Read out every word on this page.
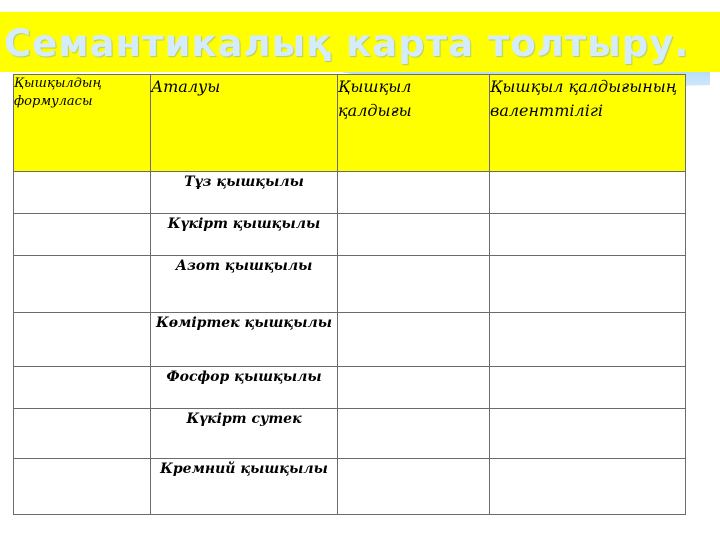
Семантикалық карта толтыру.
Қышқылдың формуласы	Аталуы	Қышқыл қалдығы	Қышқыл қалдығының валенттілігі
	Тұз қышқылы		
	Күкірт қышқылы		
	Азот қышқылы		
	Көміртек қышқылы		
	Фосфор қышқылы		
	Күкірт сутек		
	Кремний қышқылы		
